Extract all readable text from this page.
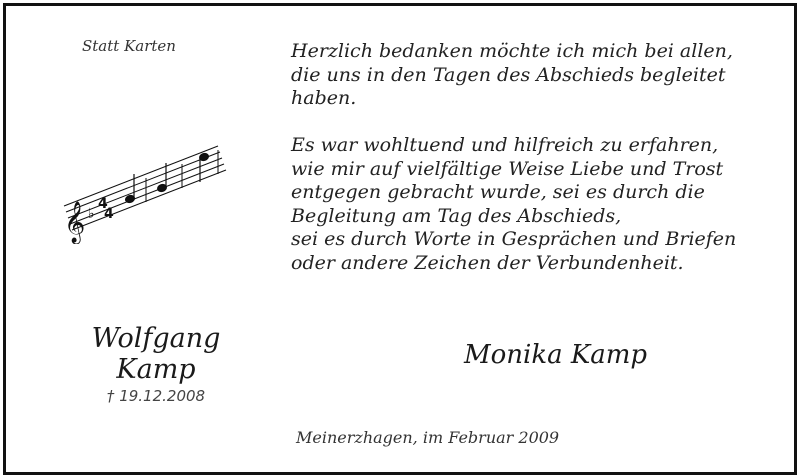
Statt Karten	Herzlich bedanken möchte ich mich bei allen,
die uns in den Tagen des Abschieds begleitet
haben.
Es war wohltuend und hilfreich zu erfahren,
wie mir auf vielfältige Weise Liebe und Trost
entgegen gebracht wurde, sei es durch die
Begleitung am Tag des Abschieds,
sei es durch Worte in Gesprächen und Briefen
oder andere Zeichen der Verbundenheit.
𝄞 ♭
4
4
Wolfgang
Kamp
† 19.12.2008
Monika Kamp
Meinerzhagen, im Februar 2009
